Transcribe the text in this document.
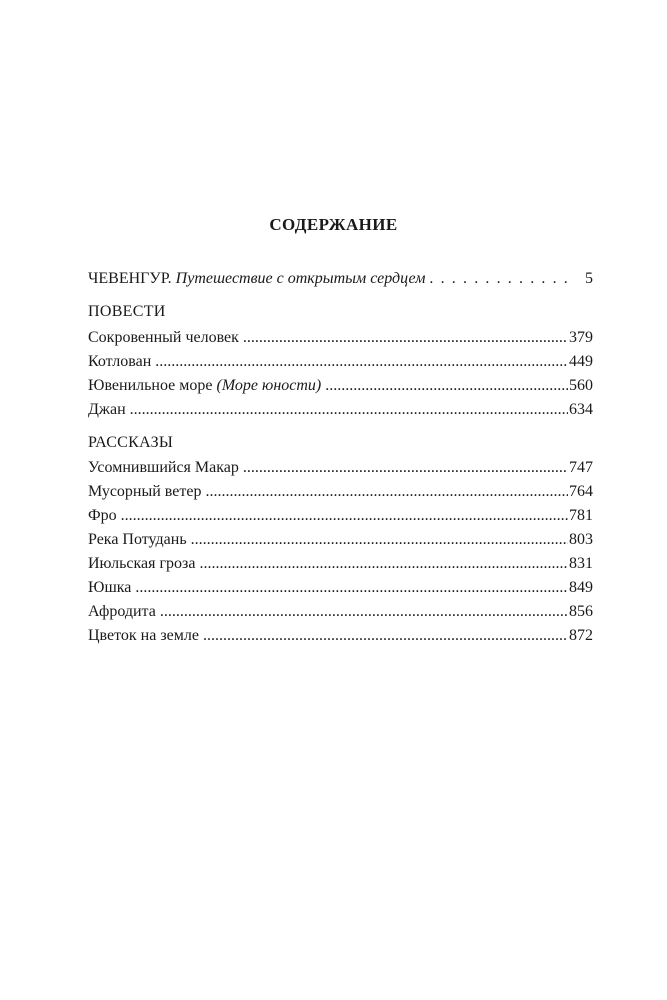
СОДЕРЖАНИЕ
ЧЕВЕНГУР. Путешествие с открытым сердцем . . .	5
ПОВЕСТИ
Сокровенный человек .....	379
Котлован .....	449
Ювенильное море (Море юности) .....	560
Джан .....	634
РАССКАЗЫ
Усомнившийся Макар .....	747
Мусорный ветер .....	764
Фро .....	781
Река Потудань .....	803
Июльская гроза .....	831
Юшка .....	849
Афродита .....	856
Цветок на земле .....	872
